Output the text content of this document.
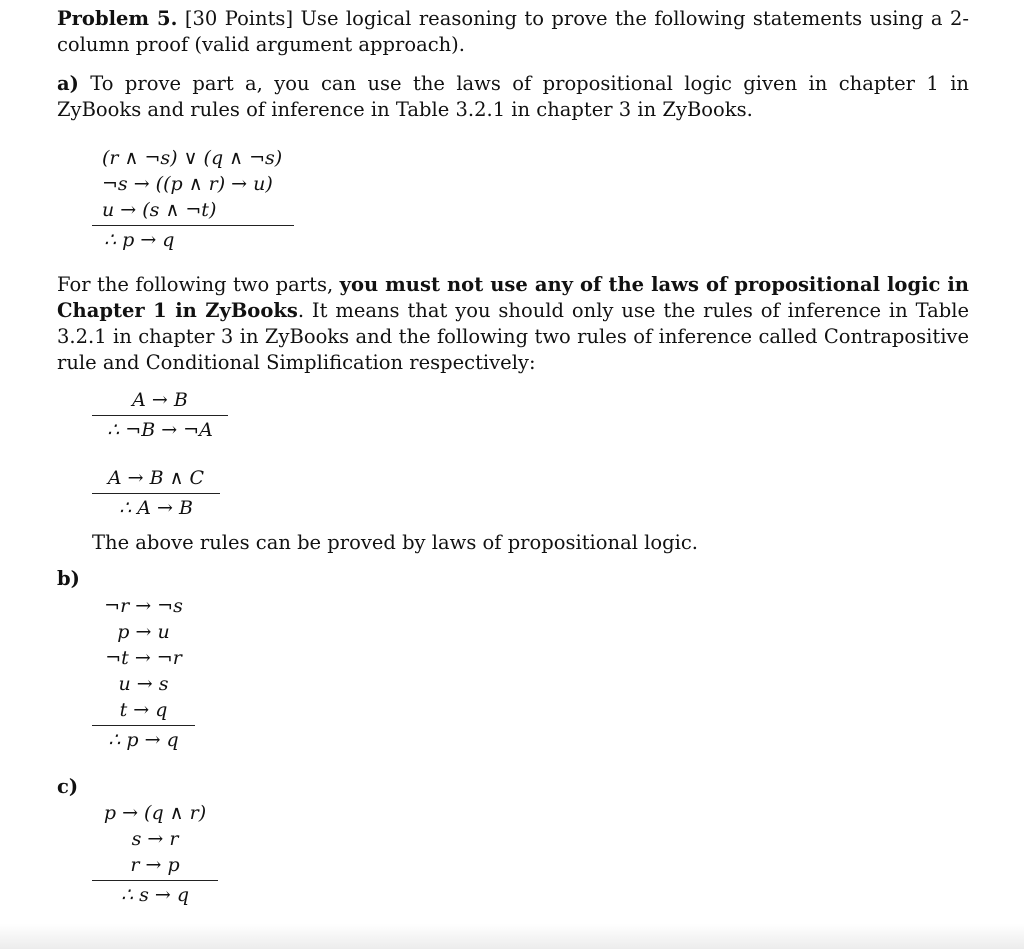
Problem 5. [30 Points] Use logical reasoning to prove the following statements using a 2-column proof (valid argument approach).

a) To prove part a, you can use the laws of propositional logic given in chapter 1 in ZyBooks and rules of inference in Table 3.2.1 in chapter 3 in ZyBooks.

(r ∧ ¬s) ∨ (q ∧ ¬s)
¬s → ((p ∧ r) → u)
u → (s ∧ ¬t)
∴ p → q

For the following two parts, you must not use any of the laws of propositional logic in Chapter 1 in ZyBooks. It means that you should only use the rules of inference in Table 3.2.1 in chapter 3 in ZyBooks and the following two rules of inference called Contrapositive rule and Conditional Simplification respectively:

A → B
∴ ¬B → ¬A
A → B ∧ C
∴ A → B
The above rules can be proved by laws of propositional logic.
b)
¬r → ¬s
p → u
¬t → ¬r
u → s
t → q
∴ p → q
c)
p → (q ∧ r)
s → r
r → p
∴ s → q
